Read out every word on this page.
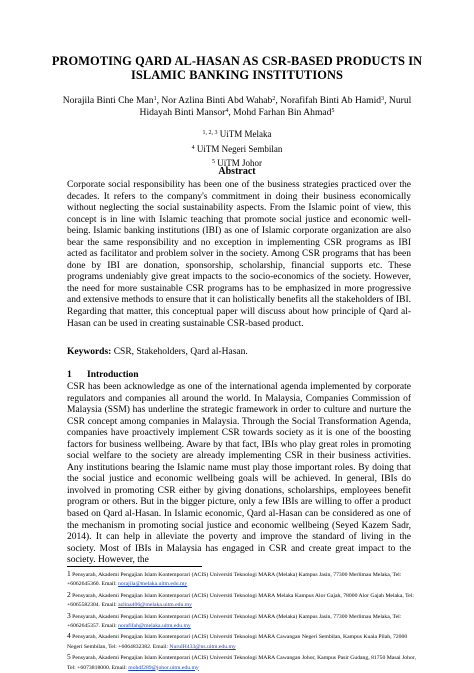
PROMOTING QARD AL-HASAN AS CSR-BASED PRODUCTS IN ISLAMIC BANKING INSTITUTIONS
Norajila Binti Che Man$^1$, Nor Azlina Binti Abd Wahab$^2$, Norafifah Binti Ab Hamid$^3$, Nurul Hidayah Binti Mansor$^4$, Mohd Farhan Bin Ahmad$^5$
$^{1, 2, 3}$ UiTM Melaka
$^4$ UiTM Negeri Sembilan
$^5$ UiTM Johor
Abstract
Corporate social responsibility has been one of the business strategies practiced over the decades. It refers to the company's commitment in doing their business economically without neglecting the social sustainability aspects. From the Islamic point of view, this concept is in line with Islamic teaching that promote social justice and economic well-being. Islamic banking institutions (IBI) as one of Islamic corporate organization are also bear the same responsibility and no exception in implementing CSR programs as IBI acted as facilitator and problem solver in the society. Among CSR programs that has been done by IBI are donation, sponsorship, scholarship, financial supports etc. These programs undeniably give great impacts to the socio-economics of the society. However, the need for more sustainable CSR programs has to be emphasized in more progressive and extensive methods to ensure that it can holistically benefits all the stakeholders of IBI. Regarding that matter, this conceptual paper will discuss about how principle of Qard al-Hasan can be used in creating sustainable CSR-based product.
Keywords: CSR, Stakeholders, Qard al-Hasan.
1 Introduction
CSR has been acknowledge as one of the international agenda implemented by corporate regulators and companies all around the world. In Malaysia, Companies Commission of Malaysia (SSM) has underline the strategic framework in order to culture and nurture the CSR concept among companies in Malaysia. Through the Social Transformation Agenda, companies have proactively implement CSR towards society as it is one of the boosting factors for business wellbeing. Aware by that fact, IBIs who play great roles in promoting social welfare to the society are already implementing CSR in their business activities. Any institutions bearing the Islamic name must play those important roles. By doing that the social justice and economic wellbeing goals will be achieved. In general, IBIs do involved in promoting CSR either by giving donations, scholarships, employees benefit program or others. But in the bigger picture, only a few IBIs are willing to offer a product based on Qard al-Hasan. In Islamic economic, Qard al-Hasan can be considered as one of the mechanism in promoting social justice and economic wellbeing (Seyed Kazem Sadr, 2014). It can help in alleviate the poverty and improve the standard of living in the society. Most of IBIs in Malaysia has engaged in CSR and create great impact to the society. However, the
1 Pensyarah, Akademi Pengajian Islam Kontemporari (ACIS) Universiti Teknologi MARA (Melaka) Kampus Jasin, 77300 Merlimau Melaka, Tel: +6062645360. Email: norajila@melaka.uitm.edu.my
2 Pensyarah, Akademi Pengajian Islam Kontemporari (ACIS) Universiti Teknologi MARA Melaka Kampus Alor Gajah, 78000 Alor Gajah Melaka, Tel: +6065582304. Email: azlina406@melaka.uitm.edu.my
3 Pensyarah, Akademi Pengajian Islam Kontemporari (ACIS) Universiti Teknologi MARA (Melaka) Kampus Jasin, 77300 Merlimau Melaka, Tel: +6062645357. Email: norafifah@melaka.uitm.edu.my
4 Pensyarah, Akademi Pengajian Islam Kontemporari (ACIS) Universiti Teknologi MARA Cawangan Negeri Sembilan, Kampus Kuala Pilah, 72000 Negeri Sembilan, Tel: +6064832382. Email: NurulH433@ns.uitm.edu.my
5 Pensyarah, Akademi Pengajian Islam Kontemporari (ACIS) Universiti Teknologi MARA Cawangan Johor, Kampus Pasir Gudang, 81750 Masai Johor, Tel: +6073818000. Email: mohdf289@johor.uitm.edu.my
